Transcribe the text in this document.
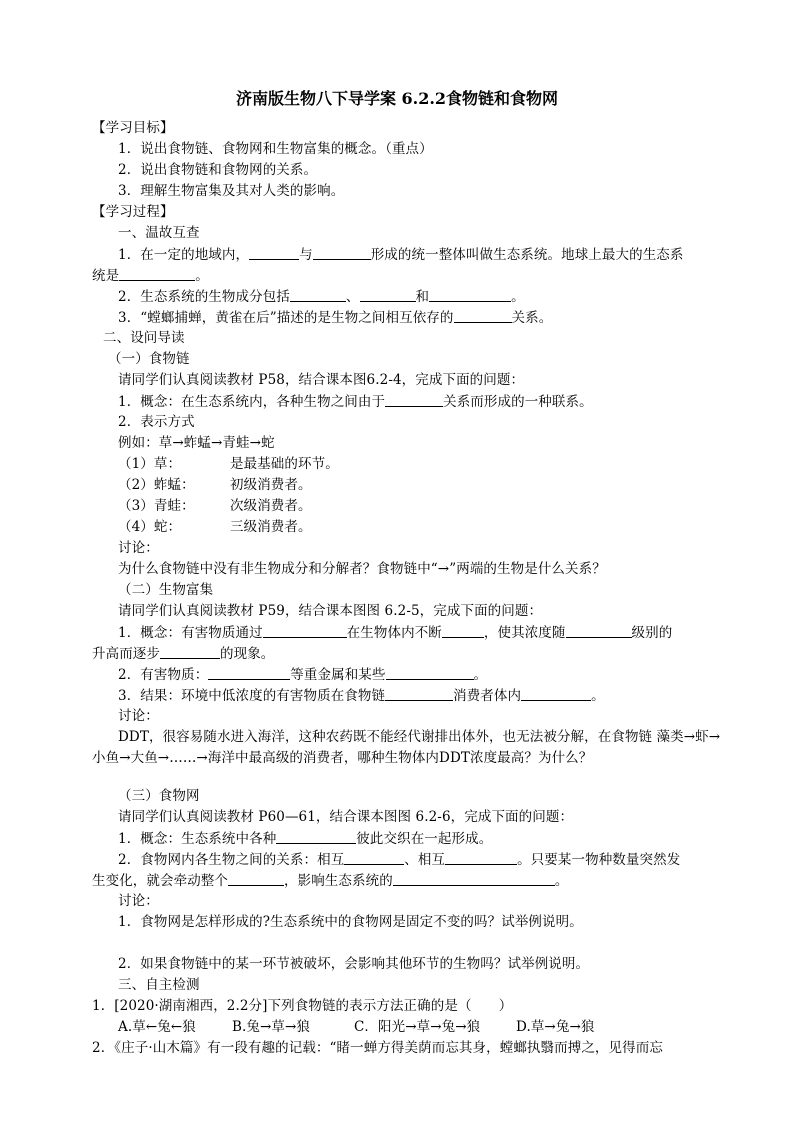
济南版生物八下导学案 6.2.2食物链和食物网
【学习目标】
1．说出食物链、食物网和生物富集的概念。（重点）
2．说出食物链和食物网的关系。
3．理解生物富集及其对人类的影响。
【学习过程】
一、温故互查
1．在一定的地域内，	与	形成的统一整体叫做生态系统。地球上最大的生态系
统是	。
2．生态系统的生物成分包括	、	和	。
3．“螳螂捕蝉，黄雀在后”描述的是生物之间相互依存的	关系。
二、设问导读
（一）食物链
请同学们认真阅读教材 P58，结合课本图6.2-4，完成下面的问题：
1．概念：在生态系统内，各种生物之间由于	关系而形成的一种联系。
2．表示方式
例如：草→蚱蜢→青蛙→蛇
（1）草：	是最基础的环节。
（2）蚱蜢：	初级消费者。
（3）青蛙：	次级消费者。
（4）蛇：	三级消费者。
讨论：
为什么食物链中没有非生物成分和分解者？食物链中“→”两端的生物是什么关系？
（二）生物富集
请同学们认真阅读教材 P59，结合课本图图 6.2-5，完成下面的问题：
1．概念：有害物质通过	在生物体内不断	，使其浓度随	级别的
升高而逐步	的现象。
2．有害物质：	等重金属和某些	。
3．结果：环境中低浓度的有害物质在食物链	消费者体内	。
讨论：
DDT，很容易随水进入海洋，这种农药既不能经代谢排出体外，也无法被分解，在食物链 藻类→虾→
小鱼→大鱼→……→海洋中最高级的消费者，哪种生物体内DDT浓度最高？为什么？
（三）食物网
请同学们认真阅读教材 P60—61，结合课本图图 6.2-6，完成下面的问题：
1．概念：生态系统中各种	彼此交织在一起形成。
2．食物网内各生物之间的关系：相互	、相互	。只要某一物种数量突然发
生变化，就会牵动整个	，影响生态系统的	。
讨论：
1．食物网是怎样形成的?生态系统中的食物网是固定不变的吗？试举例说明。
2．如果食物链中的某一环节被破坏，会影响其他环节的生物吗？试举例说明。
三、自主检测
1．[2020·湖南湘西，2.2分]下列食物链的表示方法正确的是（　　）
A.草←兔←狼	B.兔→草→狼	C．阳光→草→兔→狼	D.草→兔→狼
2．《庄子·山木篇》有一段有趣的记载：“睹一蝉方得美荫而忘其身，螳螂执翳而搏之，见得而忘
